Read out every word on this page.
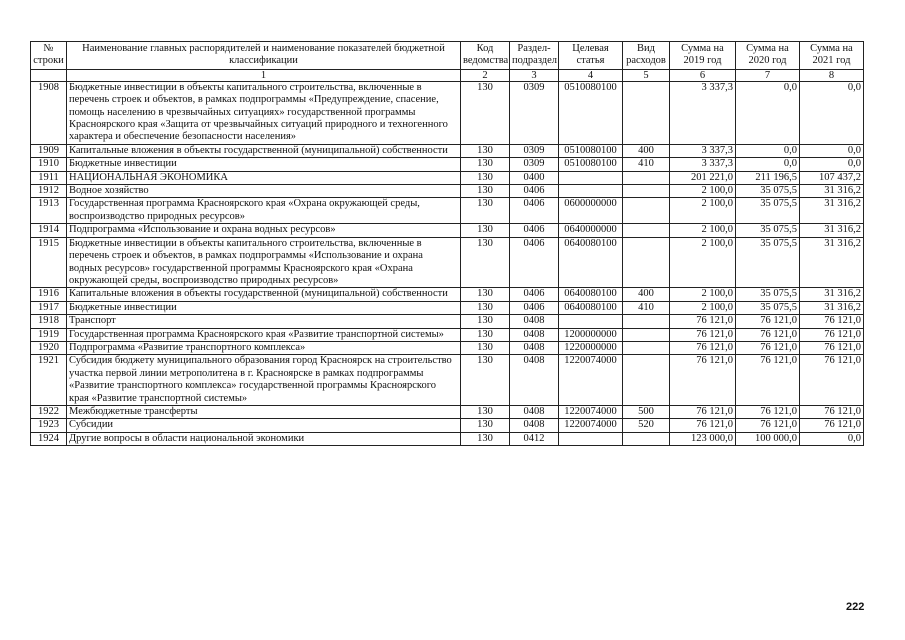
№ строки	Наименование главных распорядителей и наименование показателей бюджетной классификации	Код ведомства	Раздел-подраздел	Целевая статья	Вид расходов	Сумма на 2019 год	Сумма на 2020 год	Сумма на 2021 год
	1	2	3	4	5	6	7	8
1908	Бюджетные инвестиции в объекты капитального строительства, включенные в перечень строек и объектов, в рамках подпрограммы «Предупреждение, спасение, помощь населению в чрезвычайных ситуациях» государственной программы Красноярского края «Защита от чрезвычайных ситуаций природного и техногенного характера и обеспечение безопасности населения»	130	0309	0510080100		3 337,3	0,0	0,0
1909	Капитальные вложения в объекты государственной (муниципальной) собственности	130	0309	0510080100	400	3 337,3	0,0	0,0
1910	Бюджетные инвестиции	130	0309	0510080100	410	3 337,3	0,0	0,0
1911	НАЦИОНАЛЬНАЯ ЭКОНОМИКА	130	0400			201 221,0	211 196,5	107 437,2
1912	Водное хозяйство	130	0406			2 100,0	35 075,5	31 316,2
1913	Государственная программа Красноярского края «Охрана окружающей среды, воспроизводство природных ресурсов»	130	0406	0600000000		2 100,0	35 075,5	31 316,2
1914	Подпрограмма «Использование и охрана водных ресурсов»	130	0406	0640000000		2 100,0	35 075,5	31 316,2
1915	Бюджетные инвестиции в объекты капитального строительства, включенные в перечень строек и объектов, в рамках подпрограммы «Использование и охрана водных ресурсов» государственной программы Красноярского края «Охрана окружающей среды, воспроизводство природных ресурсов»	130	0406	0640080100		2 100,0	35 075,5	31 316,2
1916	Капитальные вложения в объекты государственной (муниципальной) собственности	130	0406	0640080100	400	2 100,0	35 075,5	31 316,2
1917	Бюджетные инвестиции	130	0406	0640080100	410	2 100,0	35 075,5	31 316,2
1918	Транспорт	130	0408			76 121,0	76 121,0	76 121,0
1919	Государственная программа Красноярского края «Развитие транспортной системы»	130	0408	1200000000		76 121,0	76 121,0	76 121,0
1920	Подпрограмма «Развитие транспортного комплекса»	130	0408	1220000000		76 121,0	76 121,0	76 121,0
1921	Субсидия бюджету муниципального образования город Красноярск на строительство участка первой линии метрополитена в г. Красноярске в рамках подпрограммы «Развитие транспортного комплекса» государственной программы Красноярского края «Развитие транспортной системы»	130	0408	1220074000		76 121,0	76 121,0	76 121,0
1922	Межбюджетные трансферты	130	0408	1220074000	500	76 121,0	76 121,0	76 121,0
1923	Субсидии	130	0408	1220074000	520	76 121,0	76 121,0	76 121,0
1924	Другие вопросы в области национальной экономики	130	0412			123 000,0	100 000,0	0,0
222
